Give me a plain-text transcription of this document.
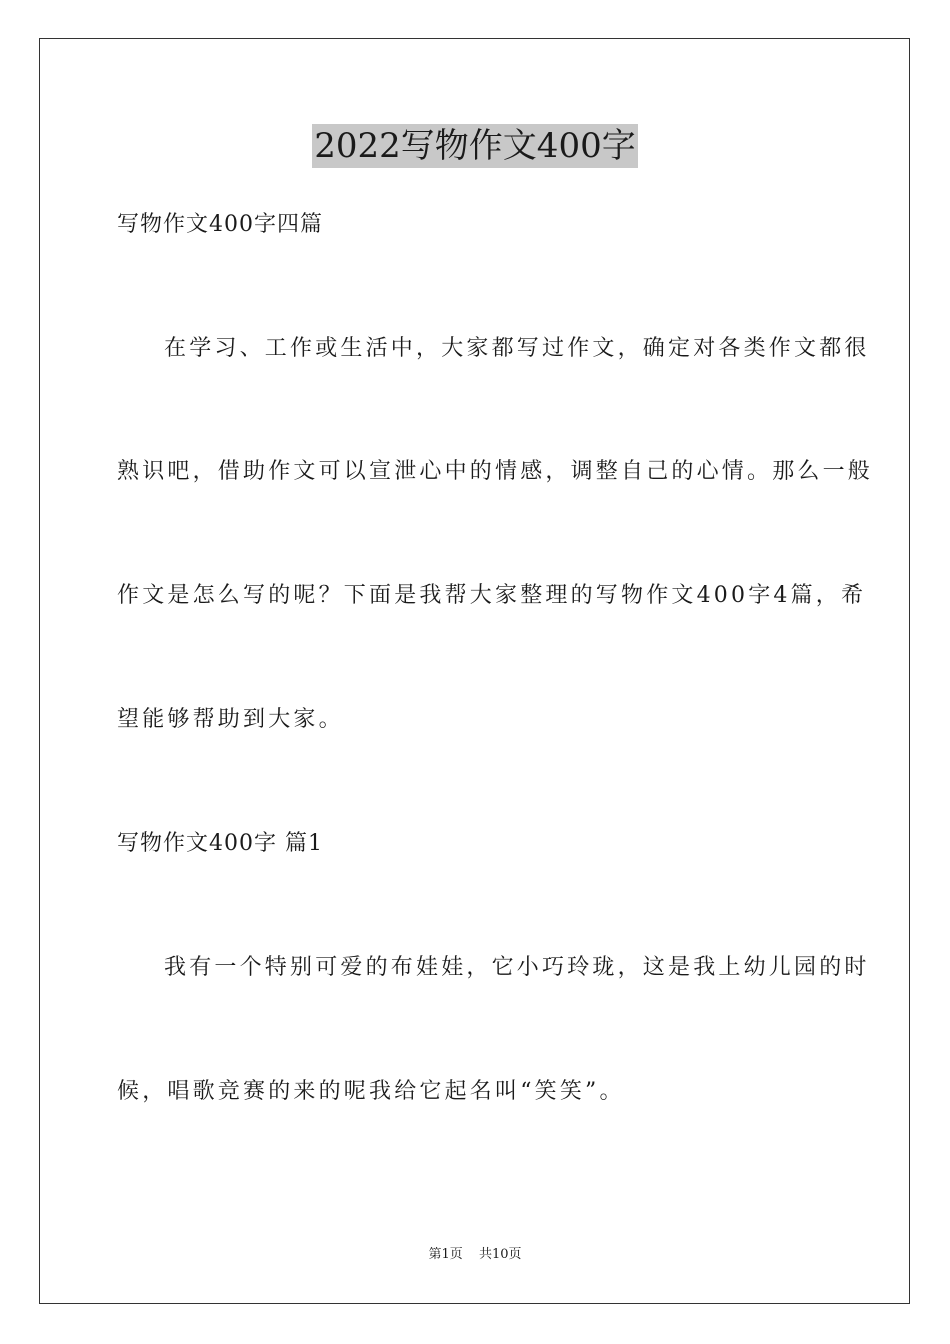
2022写物作文400字
写物作文400字四篇
在学习、工作或生活中，大家都写过作文，确定对各类作文都很
熟识吧，借助作文可以宣泄心中的情感，调整自己的心情。那么一般
作文是怎么写的呢？下面是我帮大家整理的写物作文400字4篇，希
望能够帮助到大家。
写物作文400字 篇1
我有一个特别可爱的布娃娃，它小巧玲珑，这是我上幼儿园的时
候，唱歌竞赛的来的呢我给它起名叫“笑笑”。
第1页 共10页
